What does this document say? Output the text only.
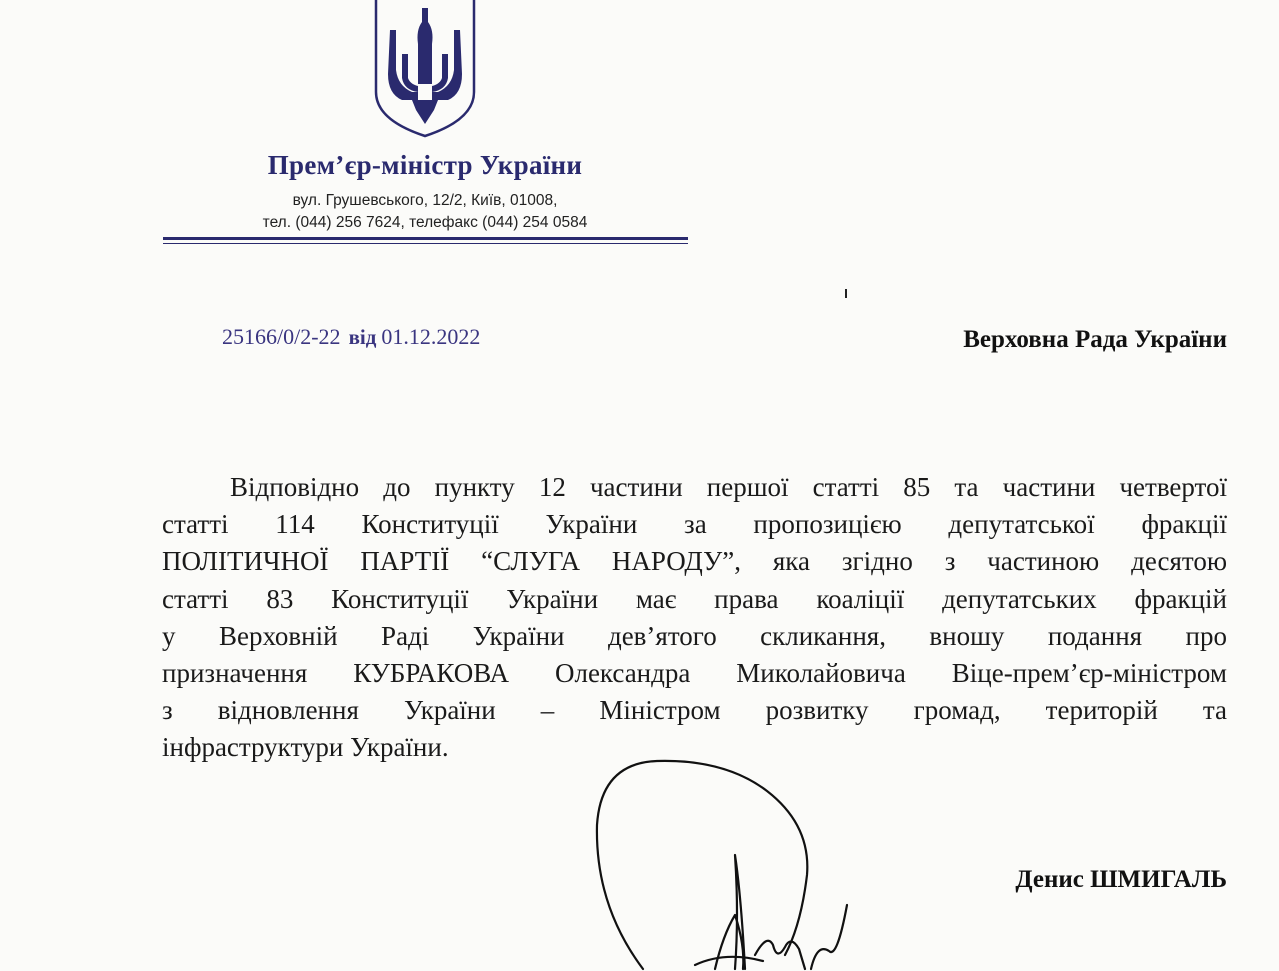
Прем’єр-міністр України
вул. Грушевського, 12/2, Київ, 01008,
тел. (044) 256 7624, телефакс (044) 254 0584
25166/0/2-22 від 01.12.2022	Верховна Рада України
Відповідно до пункту 12 частини першої статті 85 та частини четвертої
статті 114 Конституції України за пропозицією депутатської фракції
ПОЛІТИЧНОЇ ПАРТІЇ “СЛУГА НАРОДУ”, яка згідно з частиною десятою
статті 83 Конституції України має права коаліції депутатських фракцій
у Верховній Раді України дев’ятого скликання, вношу подання про
призначення КУБРАКОВА Олександра Миколайовича Віце-прем’єр-міністром
з відновлення України – Міністром розвитку громад, територій та
інфраструктури України.
Денис ШМИГАЛЬ
